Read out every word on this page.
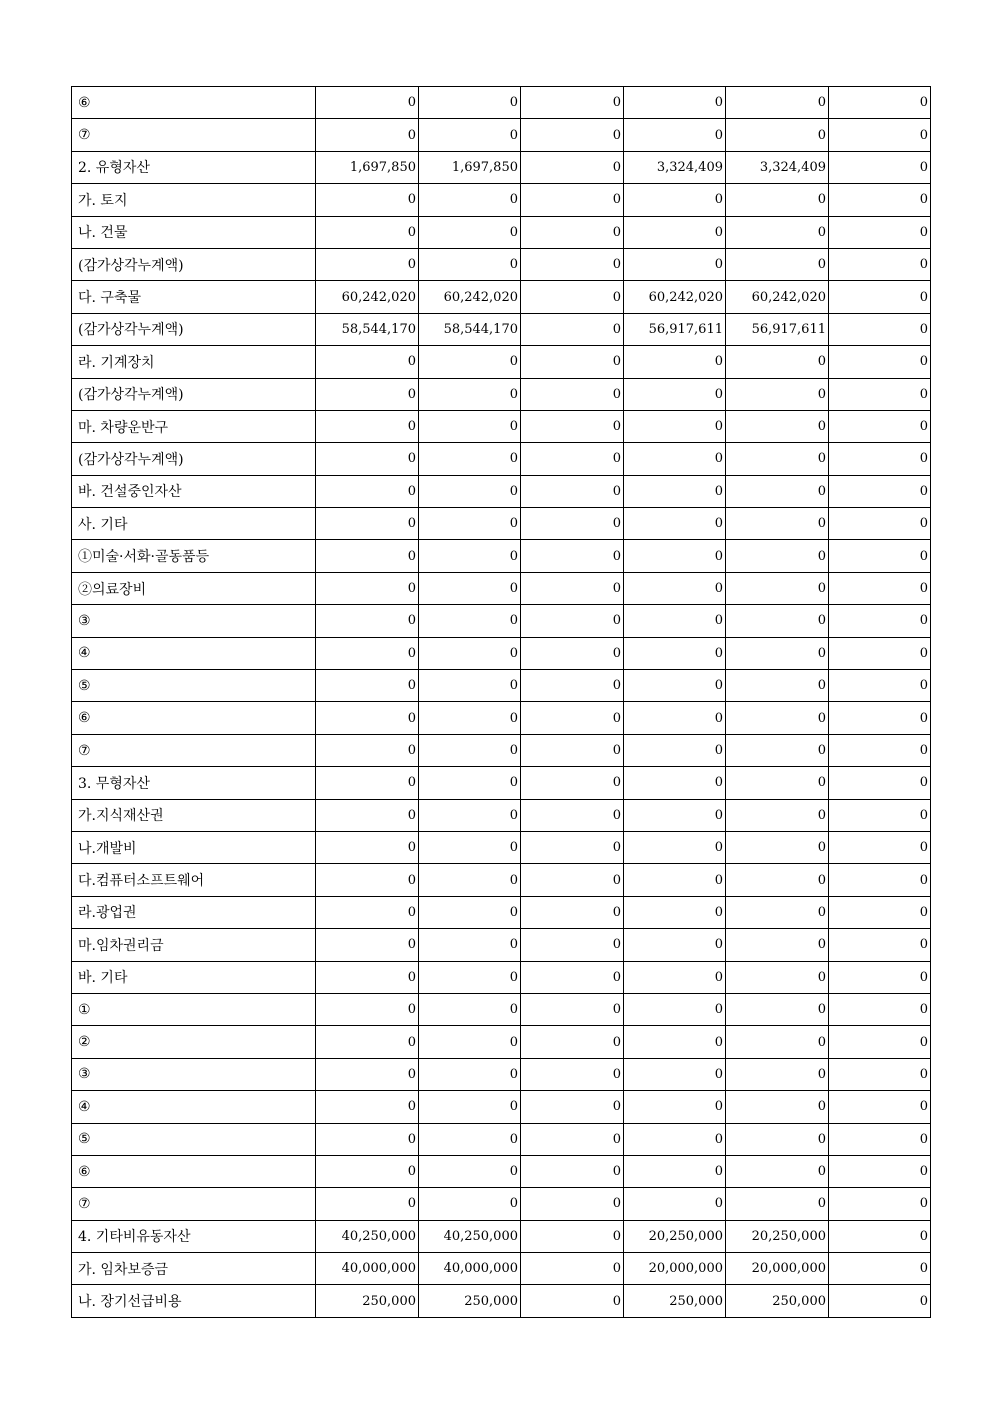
⑥	0	0	0	0	0	0
⑦	0	0	0	0	0	0
2. 유형자산	1,697,850	1,697,850	0	3,324,409	3,324,409	0
가. 토지	0	0	0	0	0	0
나. 건물	0	0	0	0	0	0
(감가상각누계액)	0	0	0	0	0	0
다. 구축물	60,242,020	60,242,020	0	60,242,020	60,242,020	0
(감가상각누계액)	58,544,170	58,544,170	0	56,917,611	56,917,611	0
라. 기계장치	0	0	0	0	0	0
(감가상각누계액)	0	0	0	0	0	0
마. 차량운반구	0	0	0	0	0	0
(감가상각누계액)	0	0	0	0	0	0
바. 건설중인자산	0	0	0	0	0	0
사. 기타	0	0	0	0	0	0
①미술·서화·골동품등	0	0	0	0	0	0
②의료장비	0	0	0	0	0	0
③	0	0	0	0	0	0
④	0	0	0	0	0	0
⑤	0	0	0	0	0	0
⑥	0	0	0	0	0	0
⑦	0	0	0	0	0	0
3. 무형자산	0	0	0	0	0	0
가.지식재산권	0	0	0	0	0	0
나.개발비	0	0	0	0	0	0
다.컴퓨터소프트웨어	0	0	0	0	0	0
라.광업권	0	0	0	0	0	0
마.임차권리금	0	0	0	0	0	0
바. 기타	0	0	0	0	0	0
①	0	0	0	0	0	0
②	0	0	0	0	0	0
③	0	0	0	0	0	0
④	0	0	0	0	0	0
⑤	0	0	0	0	0	0
⑥	0	0	0	0	0	0
⑦	0	0	0	0	0	0
4. 기타비유동자산	40,250,000	40,250,000	0	20,250,000	20,250,000	0
가. 임차보증금	40,000,000	40,000,000	0	20,000,000	20,000,000	0
나. 장기선급비용	250,000	250,000	0	250,000	250,000	0
